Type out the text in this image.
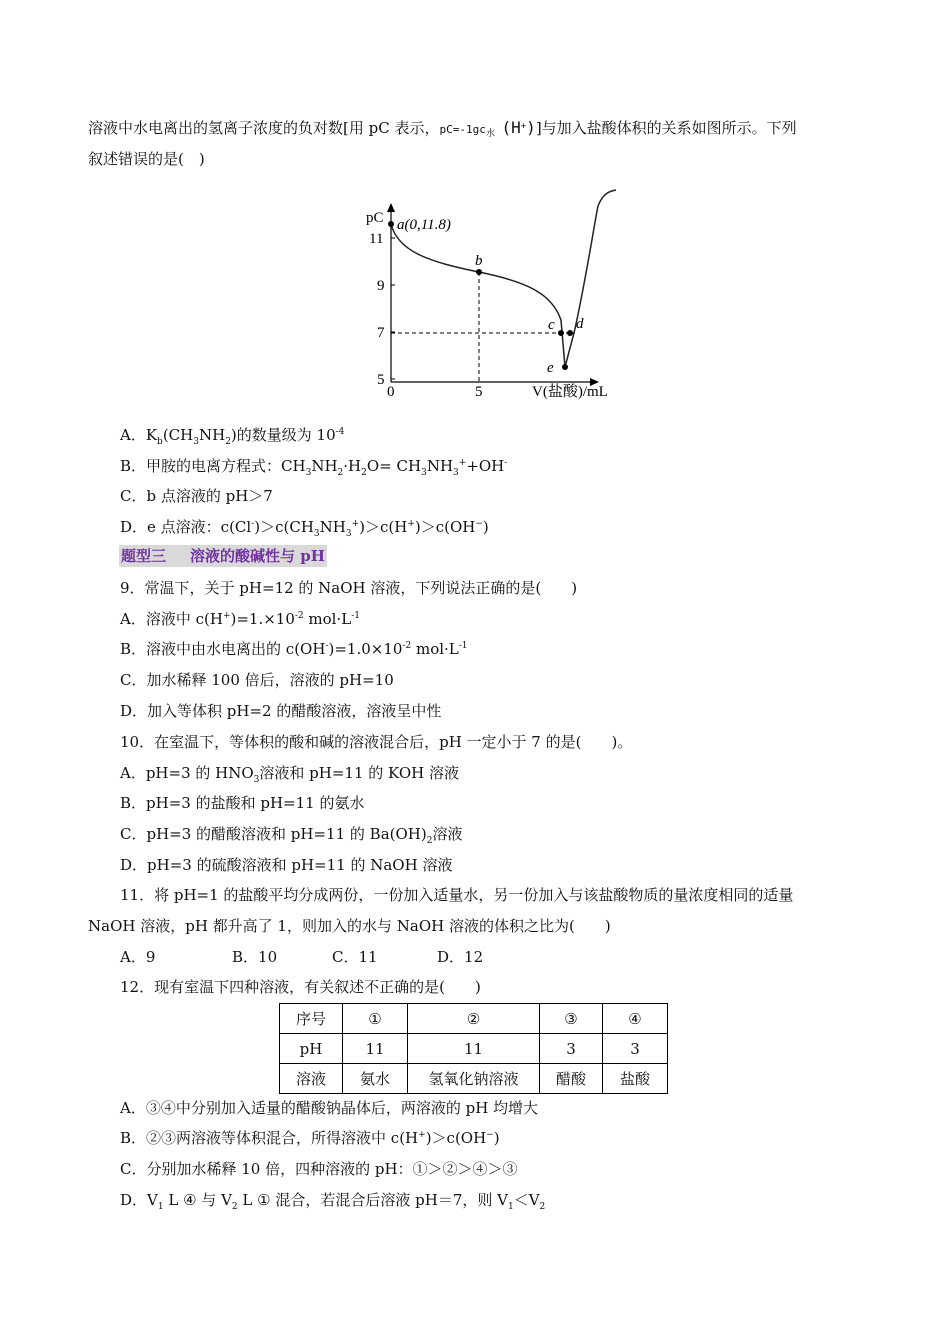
溶液中水电离出的氢离子浓度的负对数[用 pC 表示，$pC=-1gc_水$ (H+)]与加入盐酸体积的关系如图所示。下列
叙述错误的是(　)
5
7
9
11
pC a(0,11.8)
b
c d
e
0	5	V(盐酸)/mL
A．$K_b(CH_3NH_2)$的数量级为 $10^{-4}$
B．甲胺的电离方程式：$CH_3NH_2\cdot H_2O= CH_3NH_3^++OH^-$
C．b 点溶液的 pH＞7
D．e 点溶液：$c(Cl^-)>c(CH_3NH_3^+)>c(H^+)>c(OH^-)$
题型三 溶液的酸碱性与 pH
9．常温下，关于 pH=12 的 NaOH 溶液，下列说法正确的是(　　)
A．溶液中 $c(H^+)=1.\times 10^{-2}$ $mol\cdot L^{-1}$
B．溶液中由水电离出的 $c(OH^-)=1.0\times 10^{-2}$ $mol\cdot L^{-1}$
C．加水稀释 100 倍后，溶液的 pH=10
D．加入等体积 pH=2 的醋酸溶液，溶液呈中性
10．在室温下，等体积的酸和碱的溶液混合后，pH 一定小于 7 的是(　　)。
A．pH=3 的 $HNO_3$溶液和 pH=11 的 KOH 溶液
B．pH=3 的盐酸和 pH=11 的氨水
C．pH=3 的醋酸溶液和 pH=11 的 $Ba(OH)_2$溶液
D．pH=3 的硫酸溶液和 pH=11 的 NaOH 溶液
11．将 pH=1 的盐酸平均分成两份，一份加入适量水，另一份加入与该盐酸物质的量浓度相同的适量
NaOH 溶液，pH 都升高了 1，则加入的水与 NaOH 溶液的体积之比为(　　)
A．9	B．10	C．11	D．12
12．现有室温下四种溶液，有关叙述不正确的是(　　)
序号	①	②	③	④
pH	11	11	3	3
溶液	氨水	氢氧化钠溶液	醋酸	盐酸
A．③④中分别加入适量的醋酸钠晶体后，两溶液的 pH 均增大
B．②③两溶液等体积混合，所得溶液中 c(H+)＞c(OH−)
C．分别加水稀释 10 倍，四种溶液的 pH：①＞②＞④＞③
D．$V_1$ L ④ 与 $V_2$ L ① 混合，若混合后溶液 pH＝7，则 $V_1<V_2$
